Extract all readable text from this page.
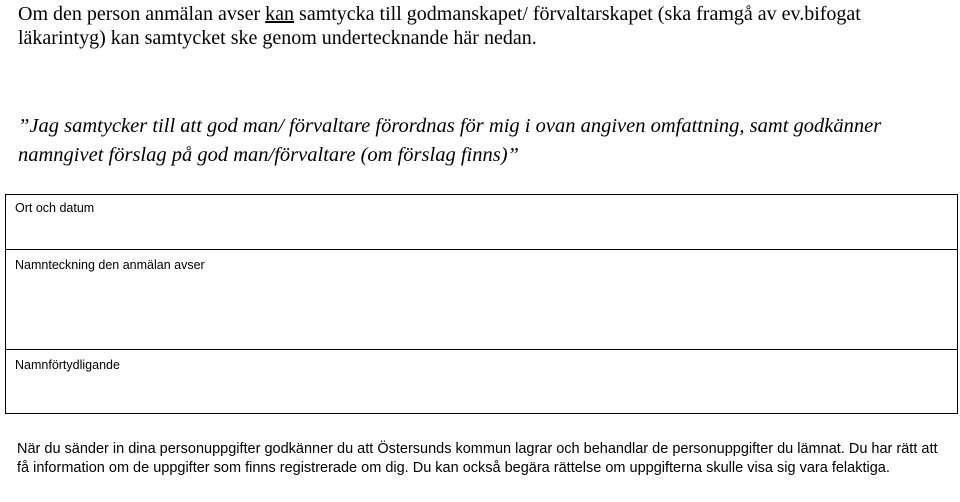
Om den person anmälan avser kan samtycka till godmanskapet/ förvaltarskapet (ska framgå av ev.bifogat läkarintyg) kan samtycket ske genom undertecknande här nedan.

”Jag samtycker till att god man/ förvaltare förordnas för mig i ovan angiven omfattning, samt godkänner namngivet förslag på god man/förvaltare (om förslag finns)”

Ort och datum
Namnteckning den anmälan avser
Namnförtydligande

När du sänder in dina personuppgifter godkänner du att Östersunds kommun lagrar och behandlar de personuppgifter du lämnat. Du har rätt att få information om de uppgifter som finns registrerade om dig. Du kan också begära rättelse om uppgifterna skulle visa sig vara felaktiga.
